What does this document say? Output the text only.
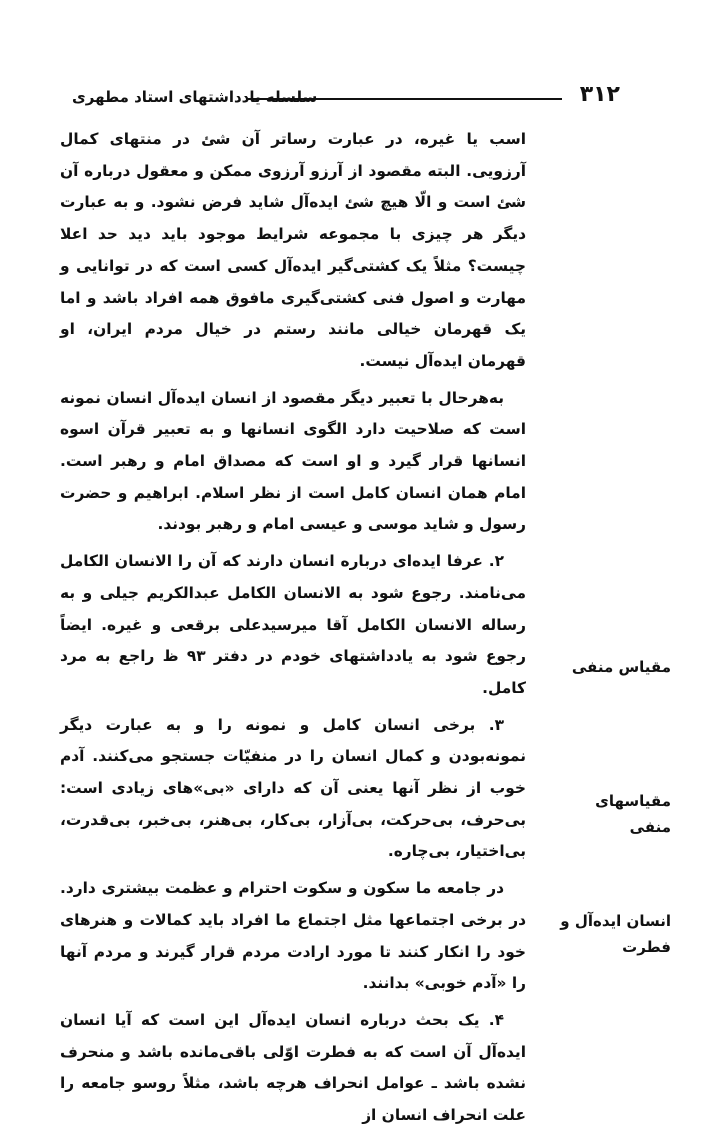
۳۱۲
سلسله یادداشتهای استاد مطهری

اسب یا غیره، در عبارت رساتر آن شئ در منتهای کمال آرزویی. البته مقصود از آرزو آرزوی ممکن و معقول درباره آن شئ است و الّا هیچ شئ ایده‌آل شاید فرض نشود. و به عبارت دیگر هر چیزی با مجموعه شرایط موجود باید دید حد اعلا چیست؟ مثلاً یک کشتی‌گیر ایده‌آل کسی است که در توانایی و مهارت و اصول فنی کشتی‌گیری مافوق همه افراد باشد و اما یک قهرمان خیالی مانند رستم در خیال مردم ایران، او قهرمان ایده‌آل نیست.

به‌هرحال با تعبیر دیگر مقصود از انسان ایده‌آل انسان نمونه است که صلاحیت دارد الگوی انسانها و به تعبیر قرآن اسوه انسانها قرار گیرد و او است که مصداق امام و رهبر است. امام همان انسان کامل است از نظر اسلام. ابراهیم و حضرت رسول و شاید موسی و عیسی امام و رهبر بودند.

۲. عرفا ایده‌ای درباره انسان دارند که آن را الانسان الکامل می‌نامند. رجوع شود به الانسان الکامل عبدالکریم جیلی و به رساله الانسان الکامل آقا میرسیدعلی برقعی و غیره. ایضاً رجوع شود به یادداشتهای خودم در دفتر ۹۳ ظ راجع به مرد کامل.

۳. برخی انسان کامل و نمونه را و به عبارت دیگر نمونه‌بودن و کمال انسان را در منفیّات جستجو می‌کنند. آدم خوب از نظر آنها یعنی آن که دارای «بی»های زیادی است: بی‌حرف، بی‌حرکت، بی‌آزار، بی‌کار، بی‌هنر، بی‌خبر، بی‌قدرت، بی‌اختیار، بی‌چاره.

در جامعه ما سکون و سکوت احترام و عظمت بیشتری دارد. در برخی اجتماعها مثل اجتماع ما افراد باید کمالات و هنرهای خود را انکار کنند تا مورد ارادت مردم قرار گیرند و مردم آنها را «آدم خوبی» بدانند.

۴. یک بحث درباره انسان ایده‌آل این است که آیا انسان ایده‌آل آن است که به فطرت اوّلی باقی‌مانده باشد و منحرف نشده باشد ـ عوامل انحراف هرچه باشد، مثلاً روسو جامعه را علت انحراف انسان از

مقیاس منفی
مقیاسهای منفی
انسان ایده‌آل و فطرت
